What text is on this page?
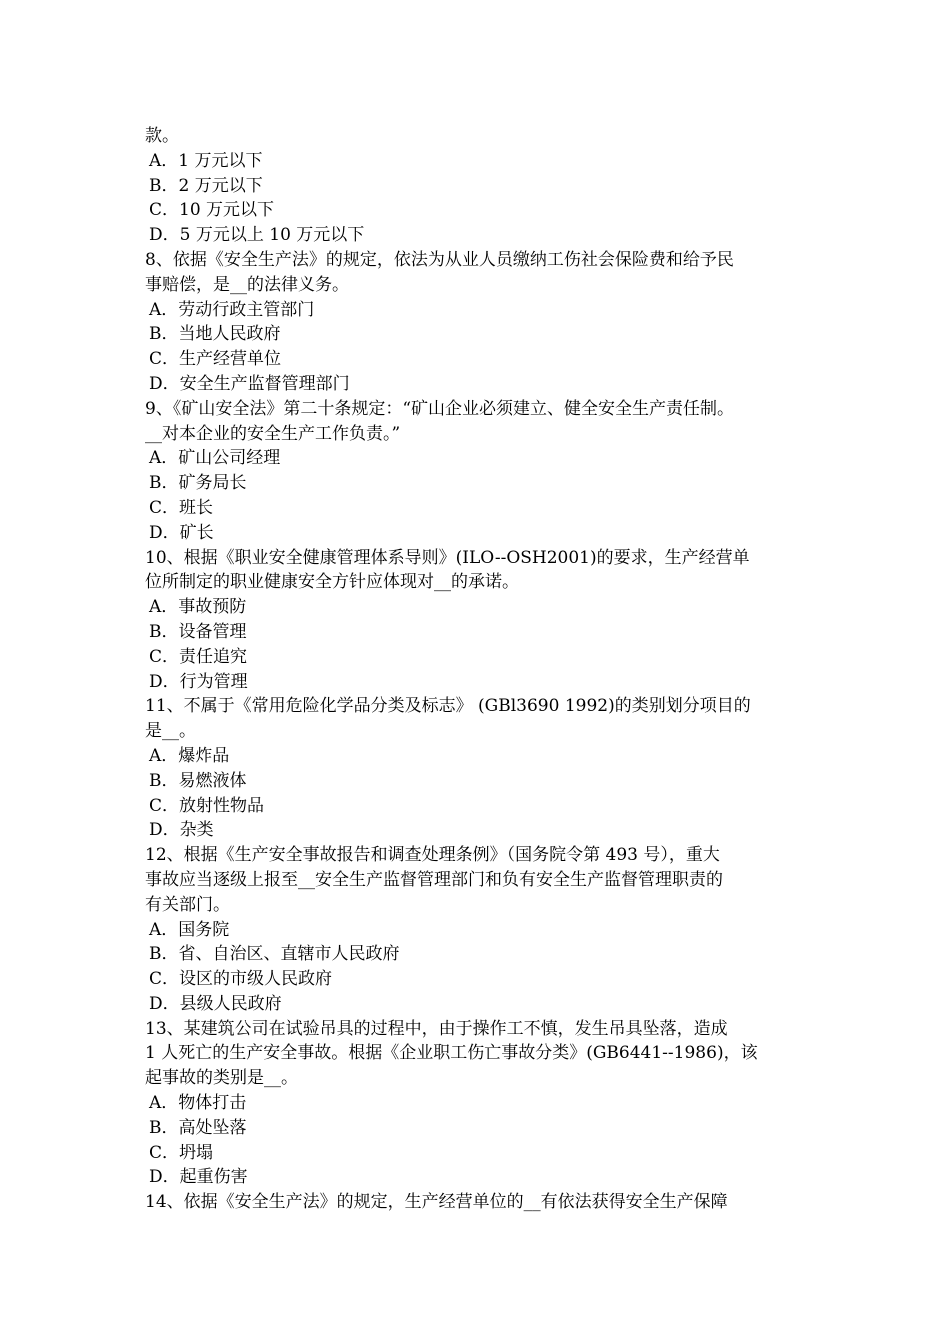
款。
A．1 万元以下
B．2 万元以下
C．10 万元以下
D．5 万元以上 10 万元以下
8、依据《安全生产法》的规定，依法为从业人员缴纳工伤社会保险费和给予民
事赔偿，是__的法律义务。
A．劳动行政主管部门
B．当地人民政府
C．生产经营单位
D．安全生产监督管理部门
9、《矿山安全法》第二十条规定：“矿山企业必须建立、健全安全生产责任制。
__对本企业的安全生产工作负责。”
A．矿山公司经理
B．矿务局长
C．班长
D．矿长
10、根据《职业安全健康管理体系导则》(ILO--OSH2001)的要求，生产经营单
位所制定的职业健康安全方针应体现对__的承诺。
A．事故预防
B．设备管理
C．责任追究
D．行为管理
11、不属于《常用危险化学品分类及标志》 (GBl3690 1992)的类别划分项目的
是__。
A．爆炸品
B．易燃液体
C．放射性物品
D．杂类
12、根据《生产安全事故报告和调查处理条例》（国务院令第 493 号），重大
事故应当逐级上报至__安全生产监督管理部门和负有安全生产监督管理职责的
有关部门。
A．国务院
B．省、自治区、直辖市人民政府
C．设区的市级人民政府
D．县级人民政府
13、某建筑公司在试验吊具的过程中，由于操作工不慎，发生吊具坠落，造成
1 人死亡的生产安全事故。根据《企业职工伤亡事故分类》(GB6441--1986)，该
起事故的类别是__。
A．物体打击
B．高处坠落
C．坍塌
D．起重伤害
14、依据《安全生产法》的规定，生产经营单位的__有依法获得安全生产保障
